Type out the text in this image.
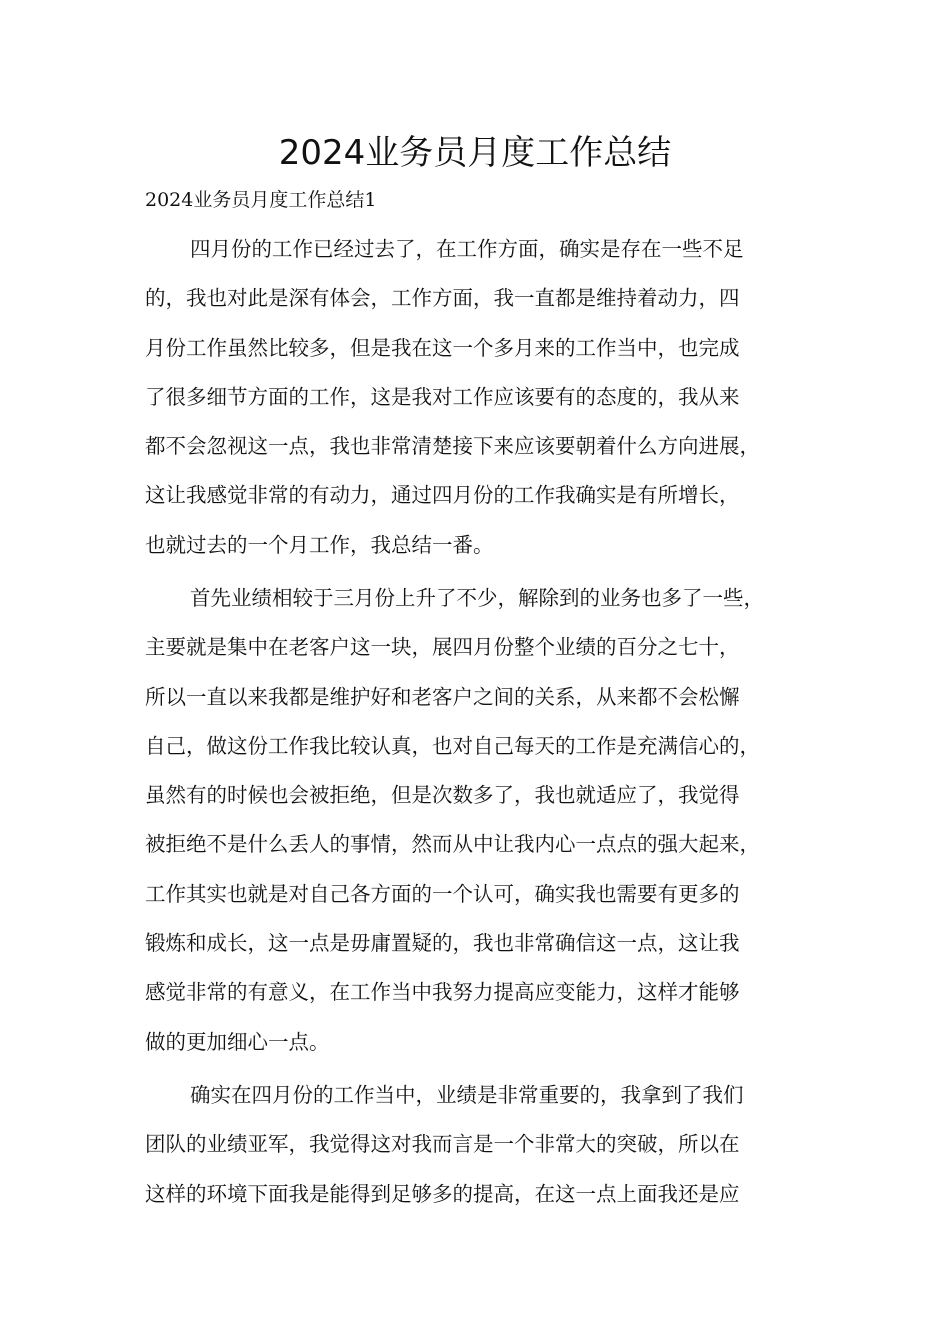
2024业务员月度工作总结

2024业务员月度工作总结1

四月份的工作已经过去了，在工作方面，确实是存在一些不足
的，我也对此是深有体会，工作方面，我一直都是维持着动力，四
月份工作虽然比较多，但是我在这一个多月来的工作当中，也完成
了很多细节方面的工作，这是我对工作应该要有的态度的，我从来
都不会忽视这一点，我也非常清楚接下来应该要朝着什么方向进展，
这让我感觉非常的有动力，通过四月份的工作我确实是有所增长，
也就过去的一个月工作，我总结一番。
首先业绩相较于三月份上升了不少，解除到的业务也多了一些，
主要就是集中在老客户这一块，展四月份整个业绩的百分之七十，
所以一直以来我都是维护好和老客户之间的关系，从来都不会松懈
自己，做这份工作我比较认真，也对自己每天的工作是充满信心的，
虽然有的时候也会被拒绝，但是次数多了，我也就适应了，我觉得
被拒绝不是什么丢人的事情，然而从中让我内心一点点的强大起来，
工作其实也就是对自己各方面的一个认可，确实我也需要有更多的
锻炼和成长，这一点是毋庸置疑的，我也非常确信这一点，这让我
感觉非常的有意义，在工作当中我努力提高应变能力，这样才能够
做的更加细心一点。
确实在四月份的工作当中，业绩是非常重要的，我拿到了我们
团队的业绩亚军，我觉得这对我而言是一个非常大的突破，所以在
这样的环境下面我是能得到足够多的提高，在这一点上面我还是应
